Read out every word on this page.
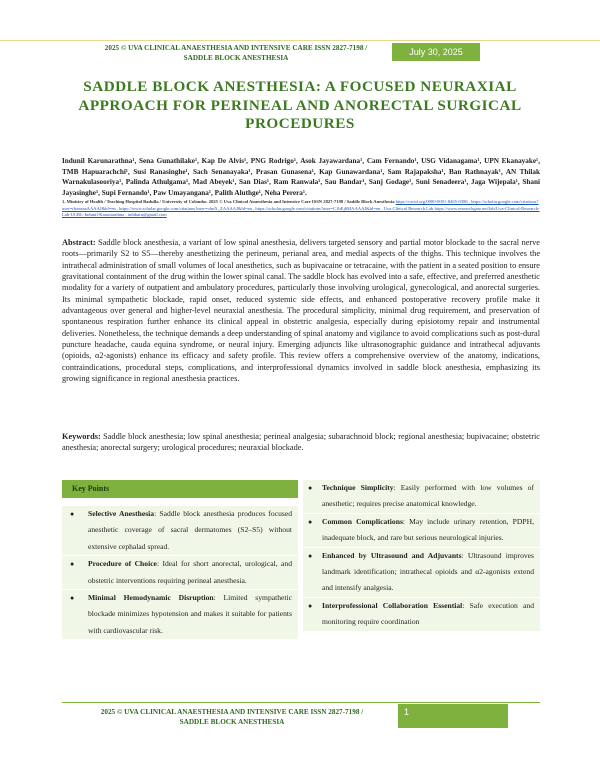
2025 © UVA CLINICAL ANAESTHESIA AND INTENSIVE CARE ISSN 2827-7198 /
SADDLE BLOCK ANESTHESIA
July 30, 2025
SADDLE BLOCK ANESTHESIA: A FOCUSED NEURAXIAL APPROACH FOR PERINEAL AND ANORECTAL SURGICAL PROCEDURES
Indunil Karunarathna¹, Sena Gunathilake¹, Kap De Alvis¹, PNG Rodrigo¹, Asok Jayawardana¹, Cam Fernando¹, USG Vidanagama¹, UPN Ekanayake¹, TMB Hapuarachchi¹, Susi Ranasinghe¹, Sach Senanayaka¹, Prasan Gunasena¹, Kap Gunawardana¹, Sam Rajapaksha¹, Ban Rathnayak¹, AN Thilak Warnakulasooriya¹, Palinda Athulgama¹, Mad Abeyek¹, San Dias¹, Ram Ranwala¹, Sau Bandar¹, Sanj Godage¹, Suni Senadeera¹, Jaga Wijepala¹, Shani Jayasinghe¹, Supi Fernando¹, Paw Umayangana¹, Palith Aluthge¹, Neha Perera¹.
1. Ministry of Health / Teaching Hospital Badulla / University of Colombo. 2025 © Uva Clinical Anaesthesia and Intensive Care ISSN 2827-7198 / Saddle Block Anesthesia https://orcid.org/0000-0001-8465-0386 , https://scholar.google.com/citations?user=rhxeaaaAAAAJ&hl=en , https://www.scholar.google.com/citations?user=ohnX_ZAAAAJ&hl=en , https://scholar.google.com/citations?user=C1hEj6MAAAAJ&hl=en , Uva Clinical Research Lab https://www.researchgate.net/lab/Uva-Clinical-Research-Lab-UCRL-Indunil-Karunarathna , indikaru@gmail.com
Abstract: Saddle block anesthesia, a variant of low spinal anesthesia, delivers targeted sensory and partial motor blockade to the sacral nerve roots—primarily S2 to S5—thereby anesthetizing the perineum, perianal area, and medial aspects of the thighs. This technique involves the intrathecal administration of small volumes of local anesthetics, such as bupivacaine or tetracaine, with the patient in a seated position to ensure gravitational containment of the drug within the lower spinal canal. The saddle block has evolved into a safe, effective, and preferred anesthetic modality for a variety of outpatient and ambulatory procedures, particularly those involving urological, gynecological, and anorectal surgeries. Its minimal sympathetic blockade, rapid onset, reduced systemic side effects, and enhanced postoperative recovery profile make it advantageous over general and higher-level neuraxial anesthesia. The procedural simplicity, minimal drug requirement, and preservation of spontaneous respiration further enhance its clinical appeal in obstetric analgesia, especially during episiotomy repair and instrumental deliveries. Nonetheless, the technique demands a deep understanding of spinal anatomy and vigilance to avoid complications such as post-dural puncture headache, cauda equina syndrome, or neural injury. Emerging adjuncts like ultrasonographic guidance and intrathecal adjuvants (opioids, α2-agonists) enhance its efficacy and safety profile. This review offers a comprehensive overview of the anatomy, indications, contraindications, procedural steps, complications, and interprofessional dynamics involved in saddle block anesthesia, emphasizing its growing significance in regional anesthesia practices.
Keywords: Saddle block anesthesia; low spinal anesthesia; perineal analgesia; subarachnoid block; regional anesthesia; bupivacaine; obstetric anesthesia; anorectal surgery; urological procedures; neuraxial blockade.
Key Points
● Selective Anesthesia: Saddle block anesthesia produces focused anesthetic coverage of sacral dermatomes (S2–S5) without extensive cephalad spread.
● Procedure of Choice: Ideal for short anorectal, urological, and obstetric interventions requiring perineal anesthesia.
● Minimal Hemodynamic Disruption: Limited sympathetic blockade minimizes hypotension and makes it suitable for patients with cardiovascular risk.
● Technique Simplicity: Easily performed with low volumes of anesthetic; requires precise anatomical knowledge.
● Common Complications: May include urinary retention, PDPH, inadequate block, and rare but serious neurological injuries.
● Enhanced by Ultrasound and Adjuvants: Ultrasound improves landmark identification; intrathecal opioids and α2-agonists extend and intensify analgesia.
● Interprofessional Collaboration Essential: Safe execution and monitoring require coordination
2025 © UVA CLINICAL ANAESTHESIA AND INTENSIVE CARE ISSN 2827-7198 /
SADDLE BLOCK ANESTHESIA
1
